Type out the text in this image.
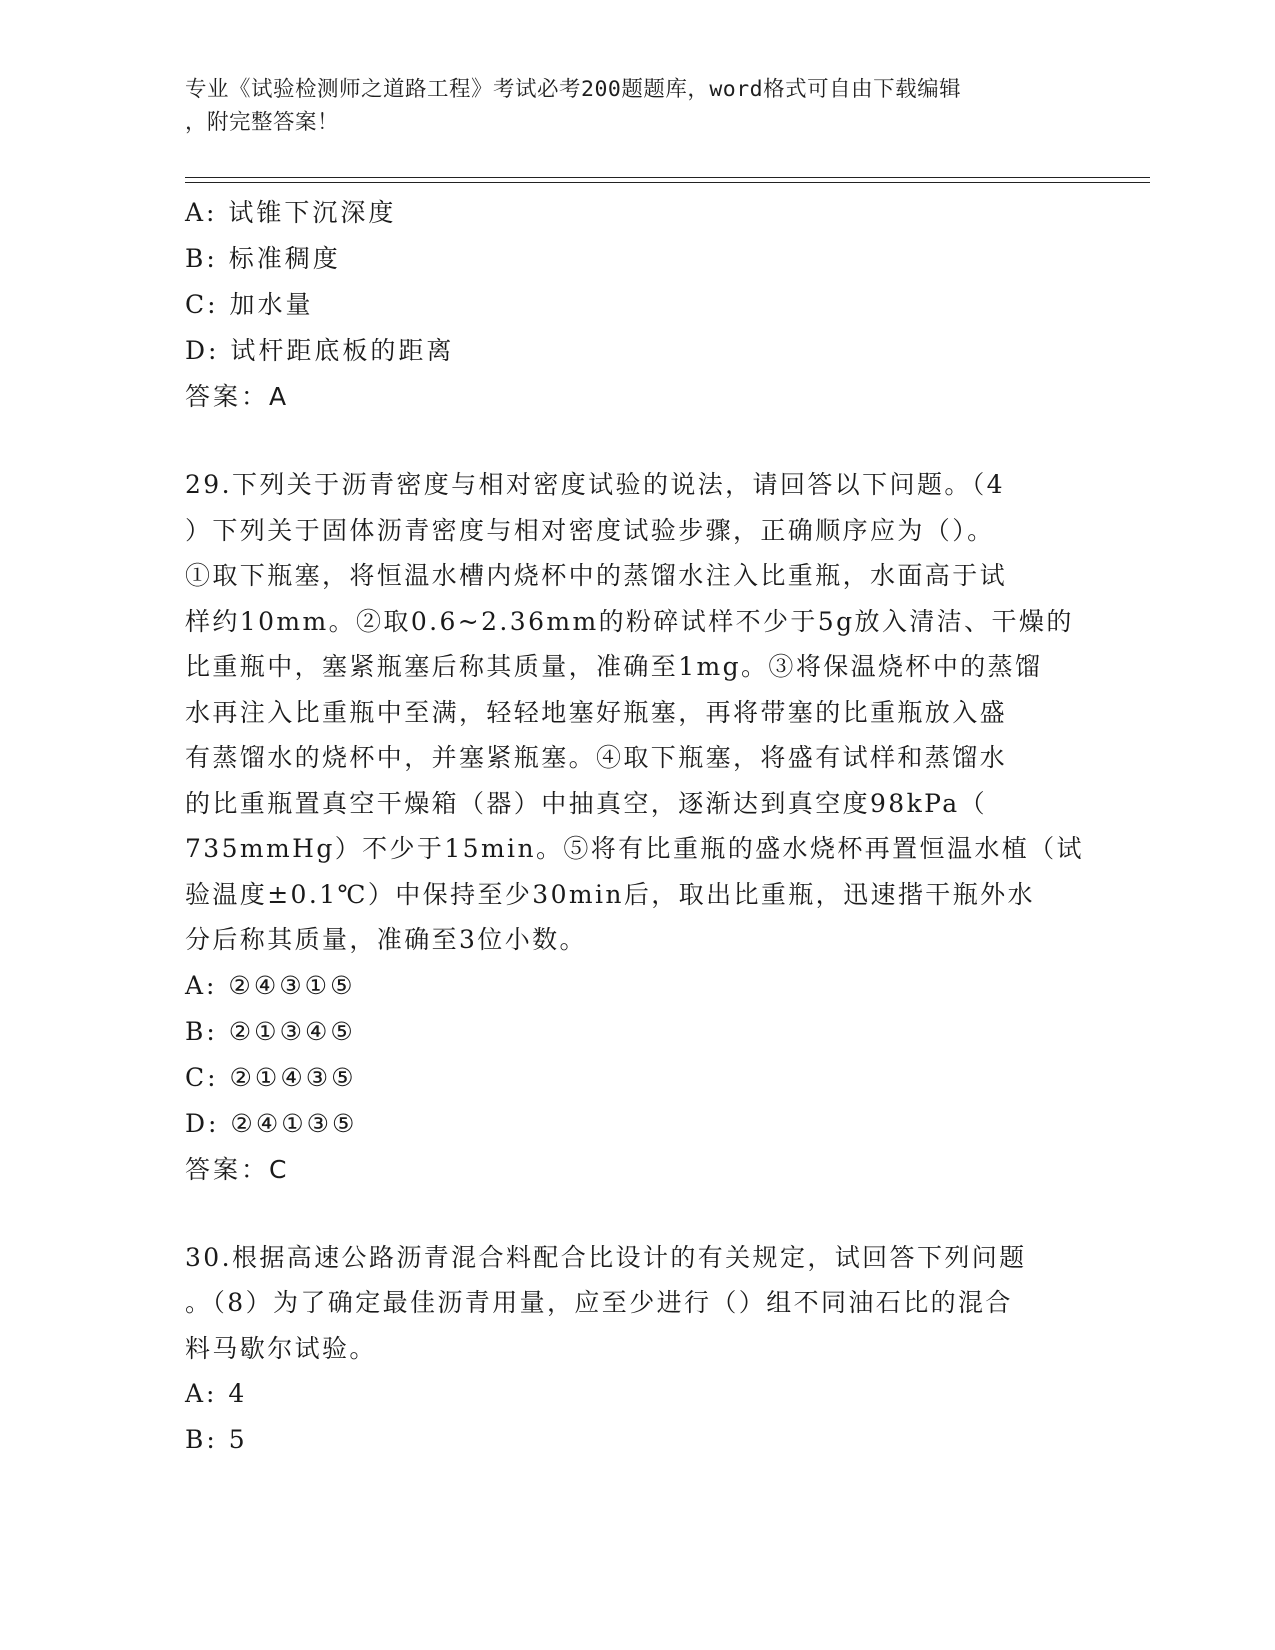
专业《试验检测师之道路工程》考试必考200题题库，word格式可自由下载编辑
，附完整答案！
A: 试锥下沉深度
B: 标准稠度
C: 加水量
D: 试杆距底板的距离
答案：A
29.下列关于沥青密度与相对密度试验的说法，请回答以下问题。（4
）下列关于固体沥青密度与相对密度试验步骤，正确顺序应为（）。
①取下瓶塞，将恒温水槽内烧杯中的蒸馏水注入比重瓶，水面高于试
样约10mm。②取0.6~2.36mm的粉碎试样不少于5g放入清洁、干燥的
比重瓶中，塞紧瓶塞后称其质量，准确至1mg。③将保温烧杯中的蒸馏
水再注入比重瓶中至满，轻轻地塞好瓶塞，再将带塞的比重瓶放入盛
有蒸馏水的烧杯中，并塞紧瓶塞。④取下瓶塞，将盛有试样和蒸馏水
的比重瓶置真空干燥箱（器）中抽真空，逐渐达到真空度98kPa（
735mmHg）不少于15min。⑤将有比重瓶的盛水烧杯再置恒温水植（试
验温度±0.1℃）中保持至少30min后，取出比重瓶，迅速揩干瓶外水
分后称其质量，准确至3位小数。
A: ②④③①⑤
B: ②①③④⑤
C: ②①④③⑤
D: ②④①③⑤
答案：C
30.根据高速公路沥青混合料配合比设计的有关规定，试回答下列问题
。（8）为了确定最佳沥青用量，应至少进行（）组不同油石比的混合
料马歇尔试验。
A: 4
B: 5
